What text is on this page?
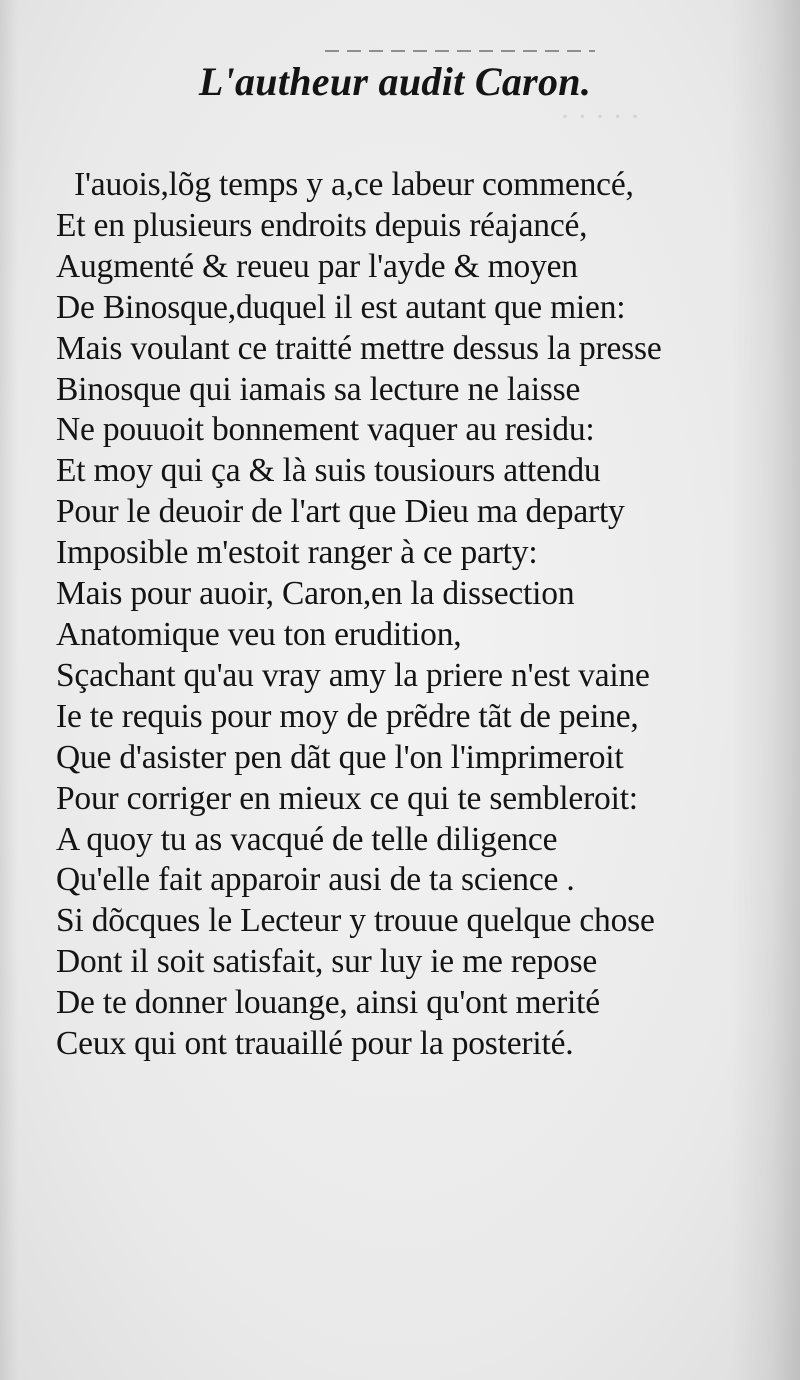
· · · · ·
L'autheur audit Caron.
I'auois,lõg temps y a,ce labeur commencé,
Et en plusieurs endroits depuis réajancé,
Augmenté & reueu par l'ayde & moyen
De Binosque,duquel il est autant que mien:
Mais voulant ce traitté mettre dessus la presse
Binosque qui iamais sa lecture ne laisse
Ne pouuoit bonnement vaquer au residu:
Et moy qui ça & là suis tousiours attendu
Pour le deuoir de l'art que Dieu ma departy
Imposible m'estoit ranger à ce party:
Mais pour auoir, Caron,en la dissection
Anatomique veu ton erudition,
Sçachant qu'au vray amy la priere n'est vaine
Ie te requis pour moy de prẽdre tãt de peine,
Que d'asister pen dãt que l'on l'imprimeroit
Pour corriger en mieux ce qui te sembleroit:
A quoy tu as vacqué de telle diligence
Qu'elle fait apparoir ausi de ta science .
Si dõcques le Lecteur y trouue quelque chose
Dont il soit satisfait, sur luy ie me repose
De te donner louange, ainsi qu'ont merité
Ceux qui ont trauaillé pour la posterité.
